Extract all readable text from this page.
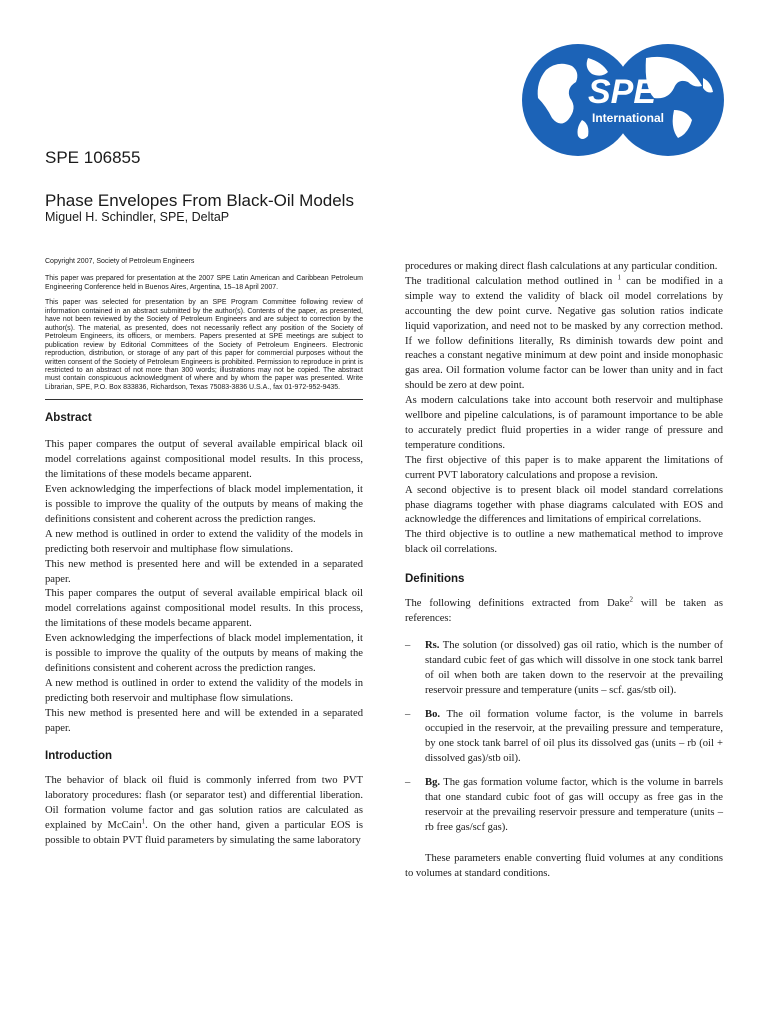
SPE
International
SPE 106855
Phase Envelopes From Black-Oil Models
Miguel H. Schindler, SPE, DeltaP

Copyright 2007, Society of Petroleum Engineers

This paper was prepared for presentation at the 2007 SPE Latin American and Caribbean Petroleum Engineering Conference held in Buenos Aires, Argentina, 15–18 April 2007.

This paper was selected for presentation by an SPE Program Committee following review of information contained in an abstract submitted by the author(s). Contents of the paper, as presented, have not been reviewed by the Society of Petroleum Engineers and are subject to correction by the author(s). The material, as presented, does not necessarily reflect any position of the Society of Petroleum Engineers, its officers, or members. Papers presented at SPE meetings are subject to publication review by Editorial Committees of the Society of Petroleum Engineers. Electronic reproduction, distribution, or storage of any part of this paper for commercial purposes without the written consent of the Society of Petroleum Engineers is prohibited. Permission to reproduce in print is restricted to an abstract of not more than 300 words; illustrations may not be copied. The abstract must contain conspicuous acknowledgment of where and by whom the paper was presented. Write Librarian, SPE, P.O. Box 833836, Richardson, Texas 75083-3836 U.S.A., fax 01-972-952-9435.

Abstract

This paper compares the output of several available empirical black oil model correlations against compositional model results. In this process, the limitations of these models became apparent.

Even acknowledging the imperfections of black model implementation, it is possible to improve the quality of the outputs by means of making the definitions consistent and coherent across the prediction ranges.

A new method is outlined in order to extend the validity of the models in predicting both reservoir and multiphase flow simulations.

This new method is presented here and will be extended in a separated paper.

This paper compares the output of several available empirical black oil model correlations against compositional model results. In this process, the limitations of these models became apparent.

Even acknowledging the imperfections of black model implementation, it is possible to improve the quality of the outputs by means of making the definitions consistent and coherent across the prediction ranges.

A new method is outlined in order to extend the validity of the models in predicting both reservoir and multiphase flow simulations.

This new method is presented here and will be extended in a separated paper.

Introduction

The behavior of black oil fluid is commonly inferred from two PVT laboratory procedures: flash (or separator test) and differential liberation. Oil formation volume factor and gas solution ratios are calculated as explained by McCain$^1$. On the other hand, given a particular EOS is possible to obtain PVT fluid parameters by simulating the same laboratory

procedures or making direct flash calculations at any particular condition.

The traditional calculation method outlined in $^1$ can be modified in a simple way to extend the validity of black oil model correlations by accounting the dew point curve. Negative gas solution ratios indicate liquid vaporization, and need not to be masked by any correction method. If we follow definitions literally, Rs diminish towards dew point and reaches a constant negative minimum at dew point and inside monophasic gas area. Oil formation volume factor can be lower than unity and in fact should be zero at dew point.

As modern calculations take into account both reservoir and multiphase wellbore and pipeline calculations, is of paramount importance to be able to accurately predict fluid properties in a wider range of pressure and temperature conditions.

The first objective of this paper is to make apparent the limitations of current PVT laboratory calculations and propose a revision.

A second objective is to present black oil model standard correlations phase diagrams together with phase diagrams calculated with EOS and acknowledge the differences and limitations of empirical correlations.

The third objective is to outline a new mathematical method to improve black oil correlations.

Definitions

The following definitions extracted from Dake$^2$ will be taken as references:

– Rs. The solution (or dissolved) gas oil ratio, which is the number of standard cubic feet of gas which will dissolve in one stock tank barrel of oil when both are taken down to the reservoir at the prevailing reservoir pressure and temperature (units – scf. gas/stb oil).

– Bo. The oil formation volume factor, is the volume in barrels occupied in the reservoir, at the prevailing pressure and temperature, by one stock tank barrel of oil plus its dissolved gas (units – rb (oil + dissolved gas)/stb oil).

– Bg. The gas formation volume factor, which is the volume in barrels that one standard cubic foot of gas will occupy as free gas in the reservoir at the prevailing reservoir pressure and temperature (units – rb free gas/scf gas).

These parameters enable converting fluid volumes at any conditions to volumes at standard conditions.
